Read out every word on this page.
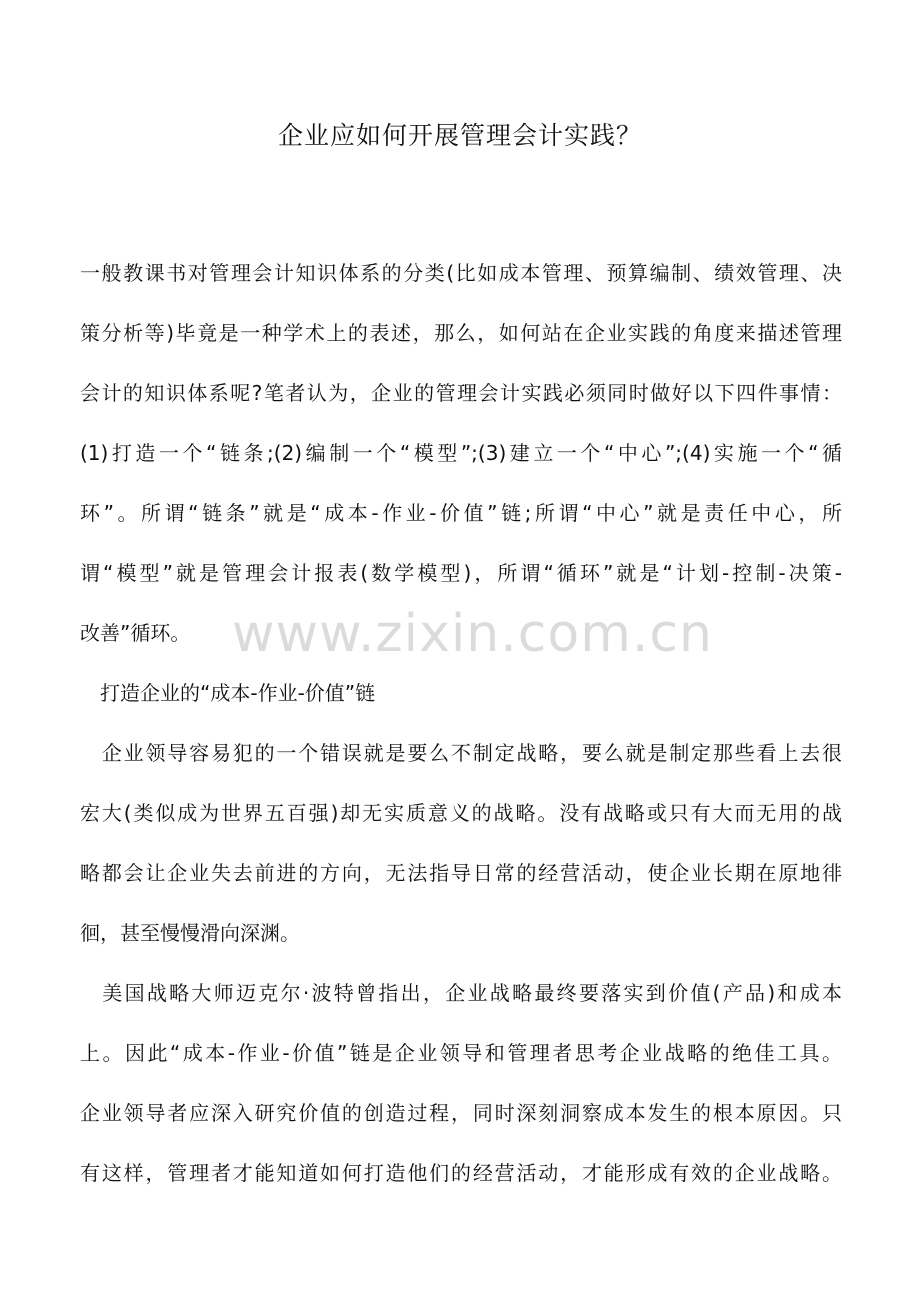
企业应如何开展管理会计实践？
一般教课书对管理会计知识体系的分类(比如成本管理、预算编制、绩效管理、决
策分析等)毕竟是一种学术上的表述，那么，如何站在企业实践的角度来描述管理
会计的知识体系呢?笔者认为，企业的管理会计实践必须同时做好以下四件事情：
(1)打造一个“链条;(2)编制一个“模型”;(3)建立一个“中心”;(4)实施一个“循
环”。所谓“链条”就是“成本-作业-价值”链;所谓“中心”就是责任中心，所
谓“模型”就是管理会计报表(数学模型)，所谓“循环”就是“计划-控制-决策-
改善”循环。
　打造企业的“成本-作业-价值”链
　企业领导容易犯的一个错误就是要么不制定战略，要么就是制定那些看上去很
宏大(类似成为世界五百强)却无实质意义的战略。没有战略或只有大而无用的战
略都会让企业失去前进的方向，无法指导日常的经营活动，使企业长期在原地徘
徊，甚至慢慢滑向深渊。
　美国战略大师迈克尔·波特曾指出，企业战略最终要落实到价值(产品)和成本
上。因此“成本-作业-价值”链是企业领导和管理者思考企业战略的绝佳工具。
企业领导者应深入研究价值的创造过程，同时深刻洞察成本发生的根本原因。只
有这样，管理者才能知道如何打造他们的经营活动，才能形成有效的企业战略。
www.zixin.com.cn
